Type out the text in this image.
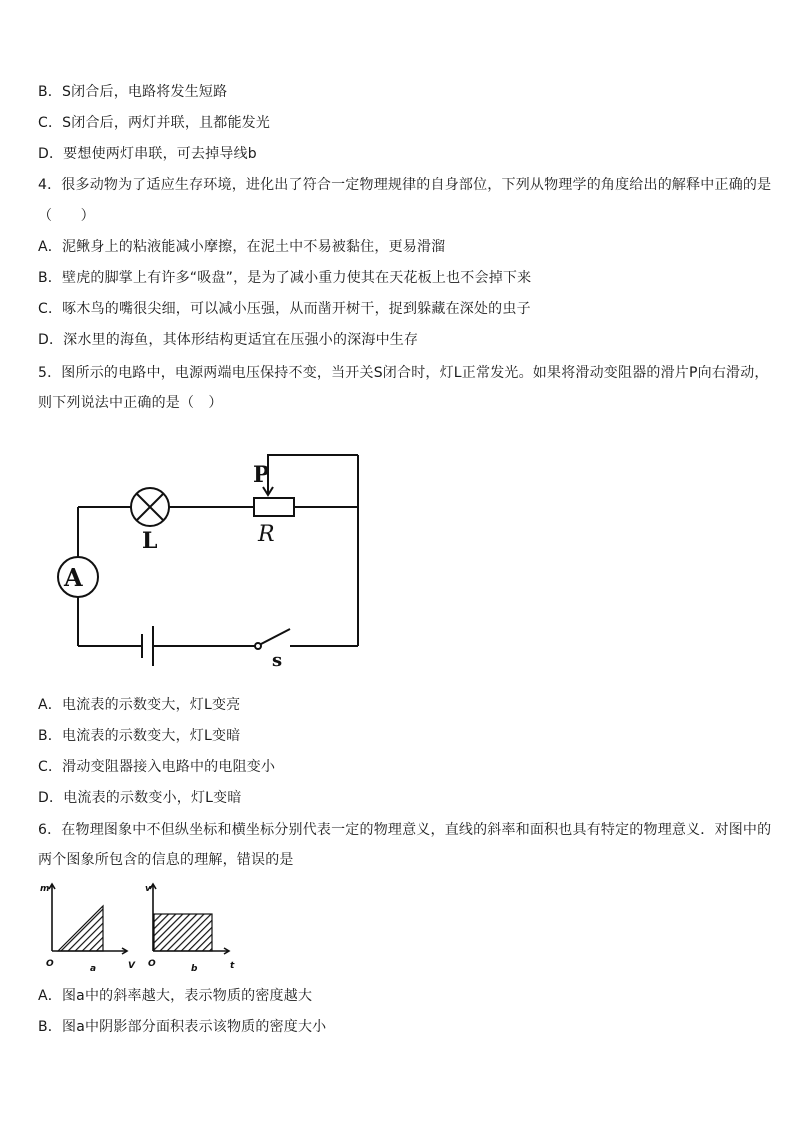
B．S闭合后，电路将发生短路
C．S闭合后，两灯并联，且都能发光
D．要想使两灯串联，可去掉导线b
4．很多动物为了适应生存环境，进化出了符合一定物理规律的自身部位，下列从物理学的角度给出的解释中正确的是
（　　）
A．泥鳅身上的粘液能减小摩擦，在泥土中不易被黏住，更易滑溜
B．壁虎的脚掌上有许多“吸盘”，是为了减小重力使其在天花板上也不会掉下来
C．啄木鸟的嘴很尖细，可以减小压强，从而凿开树干，捉到躲藏在深处的虫子
D．深水里的海鱼，其体形结构更适宜在压强小的深海中生存
5．图所示的电路中，电源两端电压保持不变，当开关S闭合时，灯L正常发光。如果将滑动变阻器的滑片P向右滑动，
则下列说法中正确的是（　）
P
R
L
A
s
A．电流表的示数变大，灯L变亮
B．电流表的示数变大，灯L变暗
C．滑动变阻器接入电路中的电阻变小
D．电流表的示数变小，灯L变暗
6．在物理图象中不但纵坐标和横坐标分别代表一定的物理意义，直线的斜率和面积也具有特定的物理意义．对图中的
两个图象所包含的信息的理解，错误的是
m
V
O	a
v
t
O	b
A．图a中的斜率越大，表示物质的密度越大
B．图a中阴影部分面积表示该物质的密度大小
